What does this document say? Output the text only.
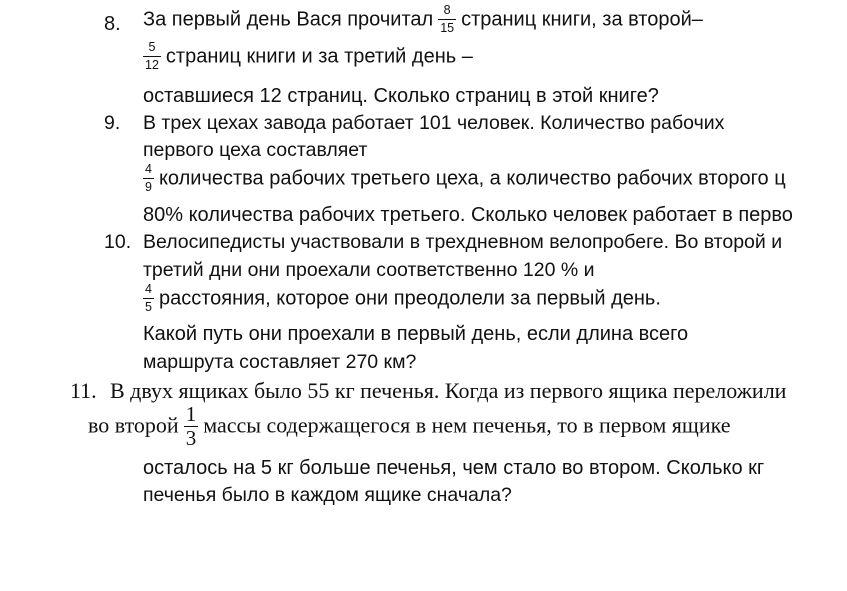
8. За первый день Вася прочитал $\frac{8}{15}$ страниц книги, за второй–
$\frac{5}{12}$ страниц книги и за третий день –
оставшиеся 12 страниц. Сколько страниц в этой книге?
9. В трех цехах завода работает 101 человек. Количество рабочих
первого цеха составляет
$\frac{4}{9}$ количества рабочих третьего цеха, а количество рабочих второго ц
80% количества рабочих третьего. Сколько человек работает в перво
10. Велосипедисты участвовали в трехдневном велопробеге. Во второй и
третий дни они проехали соответственно 120 % и
$\frac{4}{5}$ расстояния, которое они преодолели за первый день.
Какой путь они проехали в первый день, если длина всего
маршрута составляет 270 км?
11. В двух ящиках было 55 кг печенья. Когда из первого ящика переложили
во второй $\frac{1}{3}$ массы содержащегося в нем печенья, то в первом ящике
осталось на 5 кг больше печенья, чем стало во втором. Сколько кг
печенья было в каждом ящике сначала?
